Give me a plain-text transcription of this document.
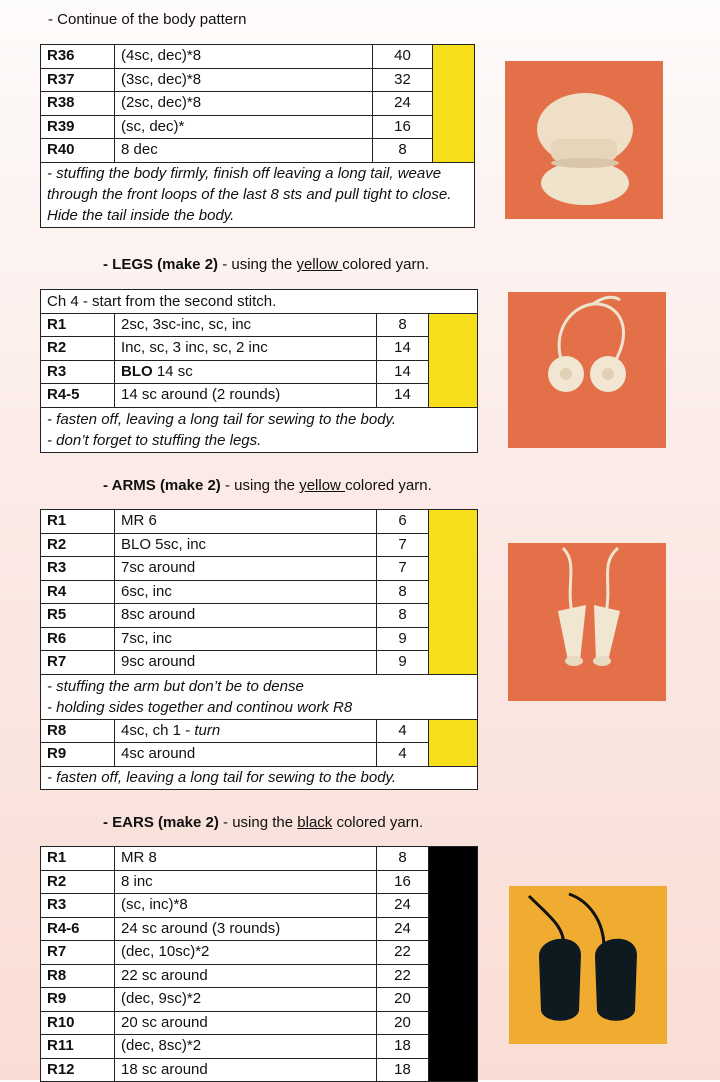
- Continue of the body pattern
R36	(4sc, dec)*8	40	
R37	(3sc, dec)*8	32	
R38	(2sc, dec)*8	24	
R39	(sc, dec)*	16	
R40	8 dec	8	
- stuffing the body firmly, finish off leaving a long tail, weave through the front loops of the last 8 sts and pull tight to close. Hide the tail inside the body.			
- LEGS (make 2) - using the yellow colored yarn.
Ch 4 - start from the second stitch.			
R1	2sc, 3sc-inc, sc, inc	8	
R2	Inc, sc, 3 inc, sc, 2 inc	14	
R3	BLO 14 sc	14	
R4-5	14 sc around (2 rounds)	14	

- fasten off, leaving a long tail for sewing to the body.
- don’t forget to stuffing the legs.			
- ARMS (make 2) - using the yellow colored yarn.
R1	MR 6	6	
R2	BLO 5sc, inc	7	
R3	7sc around	7	
R4	6sc, inc	8	
R5	8sc around	8	
R6	7sc, inc	9	
R7	9sc around	9	

- stuffing the arm but don’t be to dense
- holding sides together and continou work R8			

R8	4sc, ch 1 - turn	4	
R9	4sc around	4	
- fasten off, leaving a long tail for sewing to the body.			
- EARS (make 2) - using the black colored yarn.
R1	MR 8	8	
R2	8 inc	16	
R3	(sc, inc)*8	24	
R4-6	24 sc around (3 rounds)	24	
R7	(dec, 10sc)*2	22	
R8	22 sc around	22	
R9	(dec, 9sc)*2	20	
R10	20 sc around	20	
R11	(dec, 8sc)*2	18	
R12	18 sc around	18	
